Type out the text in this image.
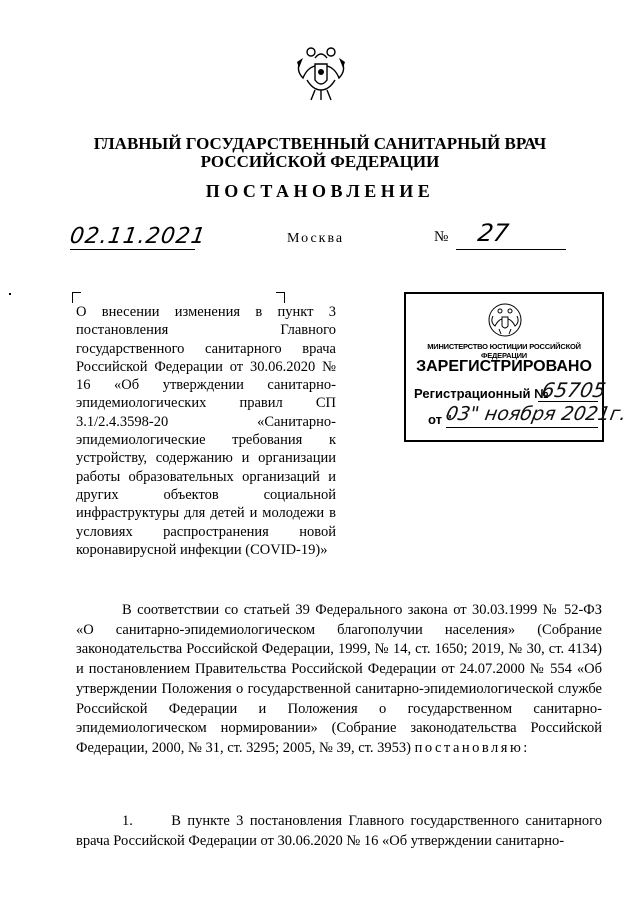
ГЛАВНЫЙ ГОСУДАРСТВЕННЫЙ САНИТАРНЫЙ ВРАЧ
РОССИЙСКОЙ ФЕДЕРАЦИИ
ПОСТАНОВЛЕНИЕ
02.11.2021	Москва	№ 27
О внесении изменения в пункт 3 постановления Главного государственного санитарного врача Российской Федерации от 30.06.2020 № 16 «Об утверждении санитарно-эпидемиологических правил СП 3.1/2.4.3598-20 «Санитарно-эпидемиологические требования к устройству, содержанию и организации работы образовательных организаций и других объектов социальной инфраструктуры для детей и молодежи в условиях распространения новой коронавирусной инфекции (COVID-19)»
МИНИСТЕРСТВО ЮСТИЦИИ РОССИЙСКОЙ ФЕДЕРАЦИИ
ЗАРЕГИСТРИРОВАНО
Регистрационный №
65705
от "
03" ноября 2021г.

В соответствии со статьей 39 Федерального закона от 30.03.1999 № 52-ФЗ «О санитарно-эпидемиологическом благополучии населения» (Собрание законодательства Российской Федерации, 1999, № 14, ст. 1650; 2019, № 30, ст. 4134) и постановлением Правительства Российской Федерации от 24.07.2000 № 554 «Об утверждении Положения о государственной санитарно-эпидемиологической службе Российской Федерации и Положения о государственном санитарно-эпидемиологическом нормировании» (Собрание законодательства Российской Федерации, 2000, № 31, ст. 3295; 2005, № 39, ст. 3953) постановляю:

1.      В пункте 3 постановления Главного государственного санитарного врача Российской Федерации от 30.06.2020 № 16 «Об утверждении санитарно-
